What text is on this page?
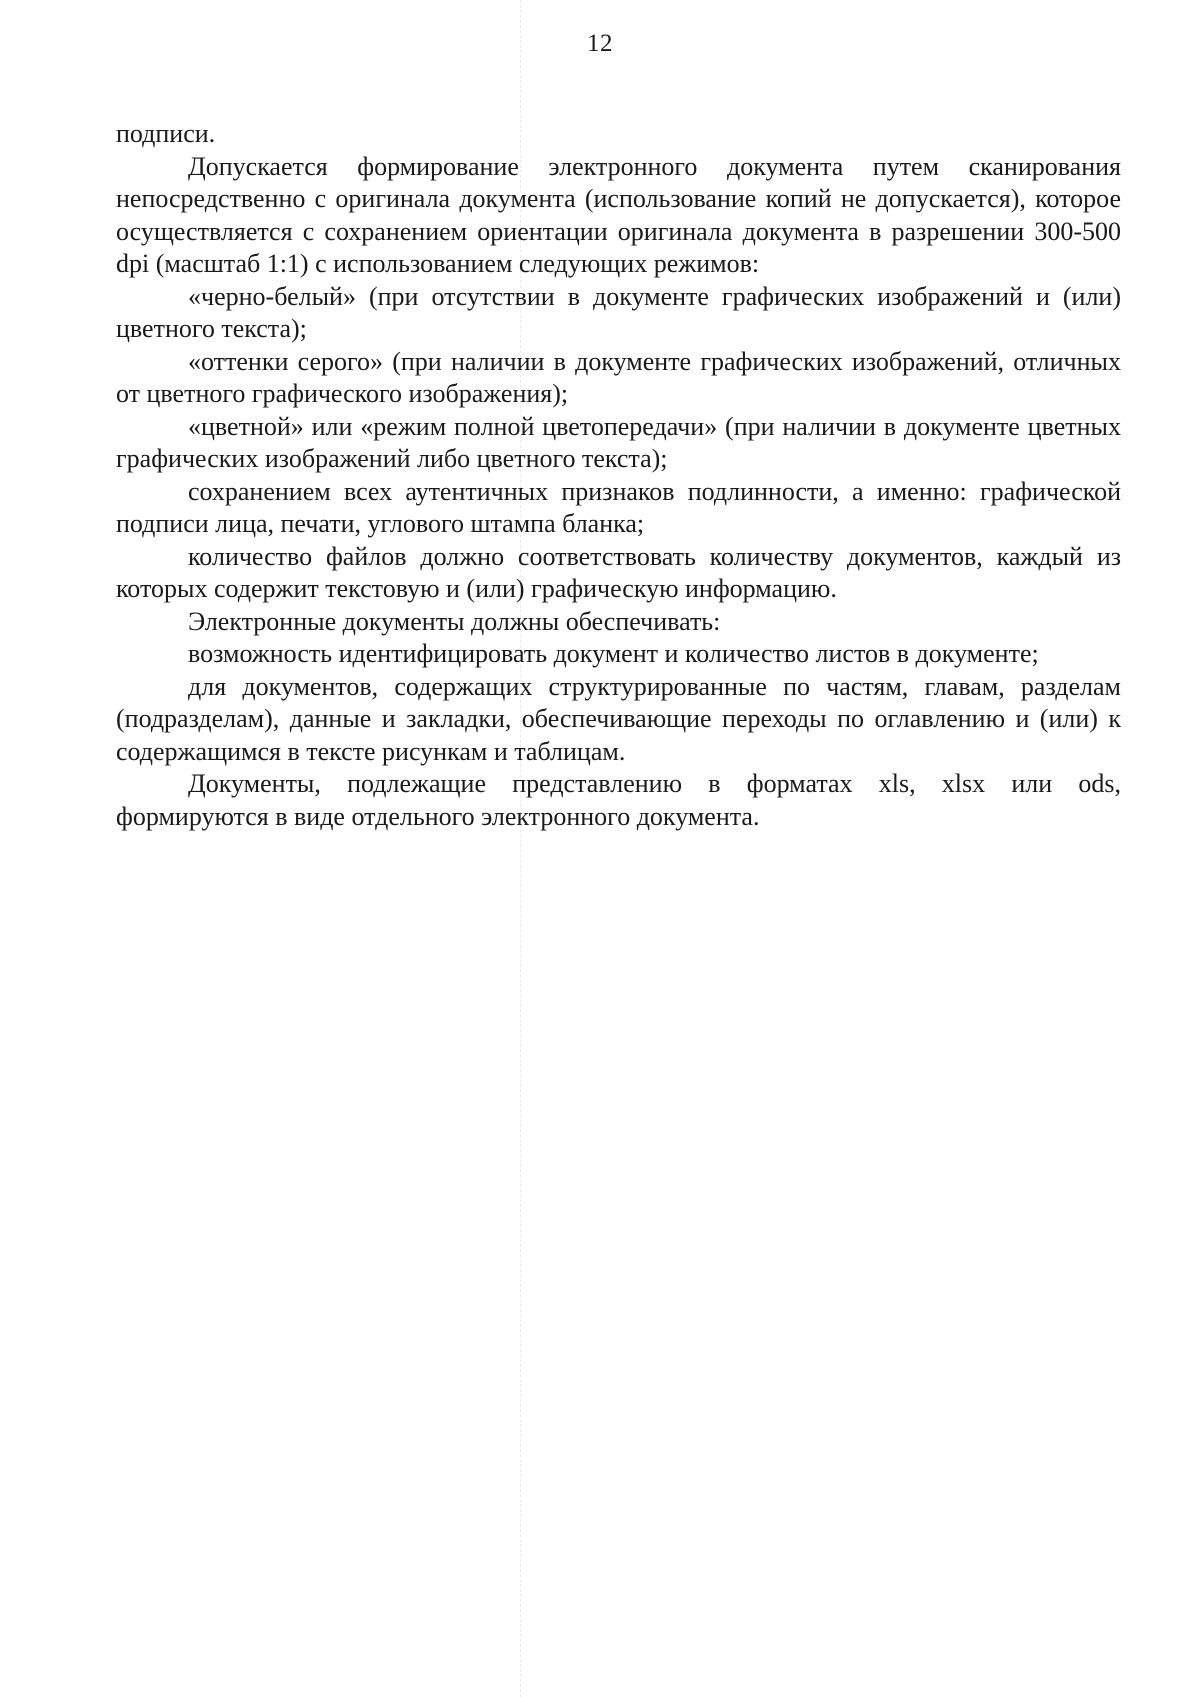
12

подписи.

Допускается формирование электронного документа путем сканирования непосредственно с оригинала документа (использование копий не допускается), которое осуществляется с сохранением ориентации оригинала документа в разрешении 300-500 dpi (масштаб 1:1) с использованием следующих режимов:

«черно-белый» (при отсутствии в документе графических изображений и (или) цветного текста);

«оттенки серого» (при наличии в документе графических изображений, отличных от цветного графического изображения);

«цветной» или «режим полной цветопередачи» (при наличии в документе цветных графических изображений либо цветного текста);

сохранением всех аутентичных признаков подлинности, а именно: графической подписи лица, печати, углового штампа бланка;

количество файлов должно соответствовать количеству документов, каждый из которых содержит текстовую и (или) графическую информацию.

Электронные документы должны обеспечивать:

возможность идентифицировать документ и количество листов в документе;

для документов, содержащих структурированные по частям, главам, разделам (подразделам), данные и закладки, обеспечивающие переходы по оглавлению и (или) к содержащимся в тексте рисункам и таблицам.

Документы, подлежащие представлению в форматах xls, xlsx или ods, формируются в виде отдельного электронного документа.
